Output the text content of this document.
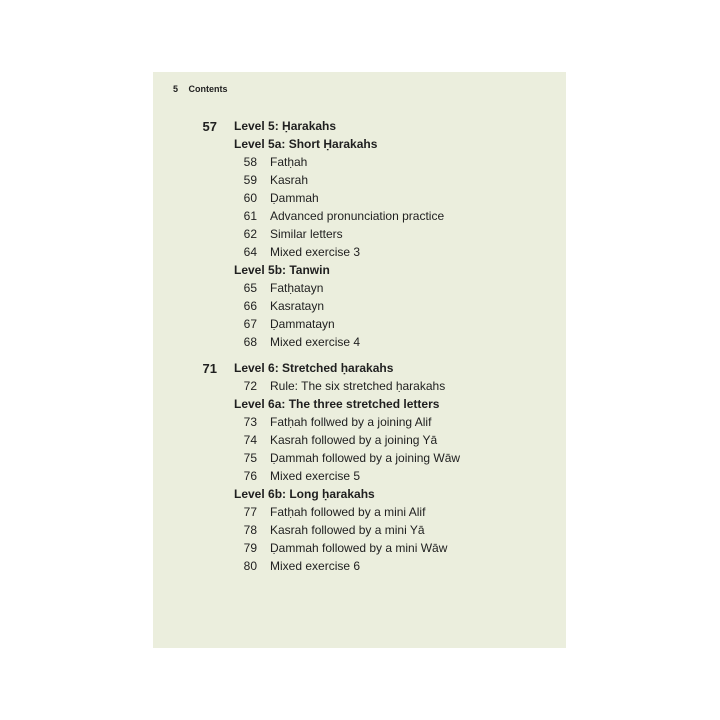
5 Contents
57 Level 5: Ḥarakahs
Level 5a: Short Ḥarakahs
58 Fatḥah
59 Kasrah
60 Ḍammah
61 Advanced pronunciation practice
62 Similar letters
64 Mixed exercise 3
Level 5b: Tanwin
65 Fatḥatayn
66 Kasratayn
67 Ḍammatayn
68 Mixed exercise 4
71 Level 6: Stretched ḥarakahs
72 Rule: The six stretched ḥarakahs
Level 6a: The three stretched letters
73 Fatḥah follwed by a joining Alif
74 Kasrah followed by a joining Yā
75 Ḍammah followed by a joining Wāw
76 Mixed exercise 5
Level 6b: Long ḥarakahs
77 Fatḥah followed by a mini Alif
78 Kasrah followed by a mini Yā
79 Ḍammah followed by a mini Wāw
80 Mixed exercise 6
